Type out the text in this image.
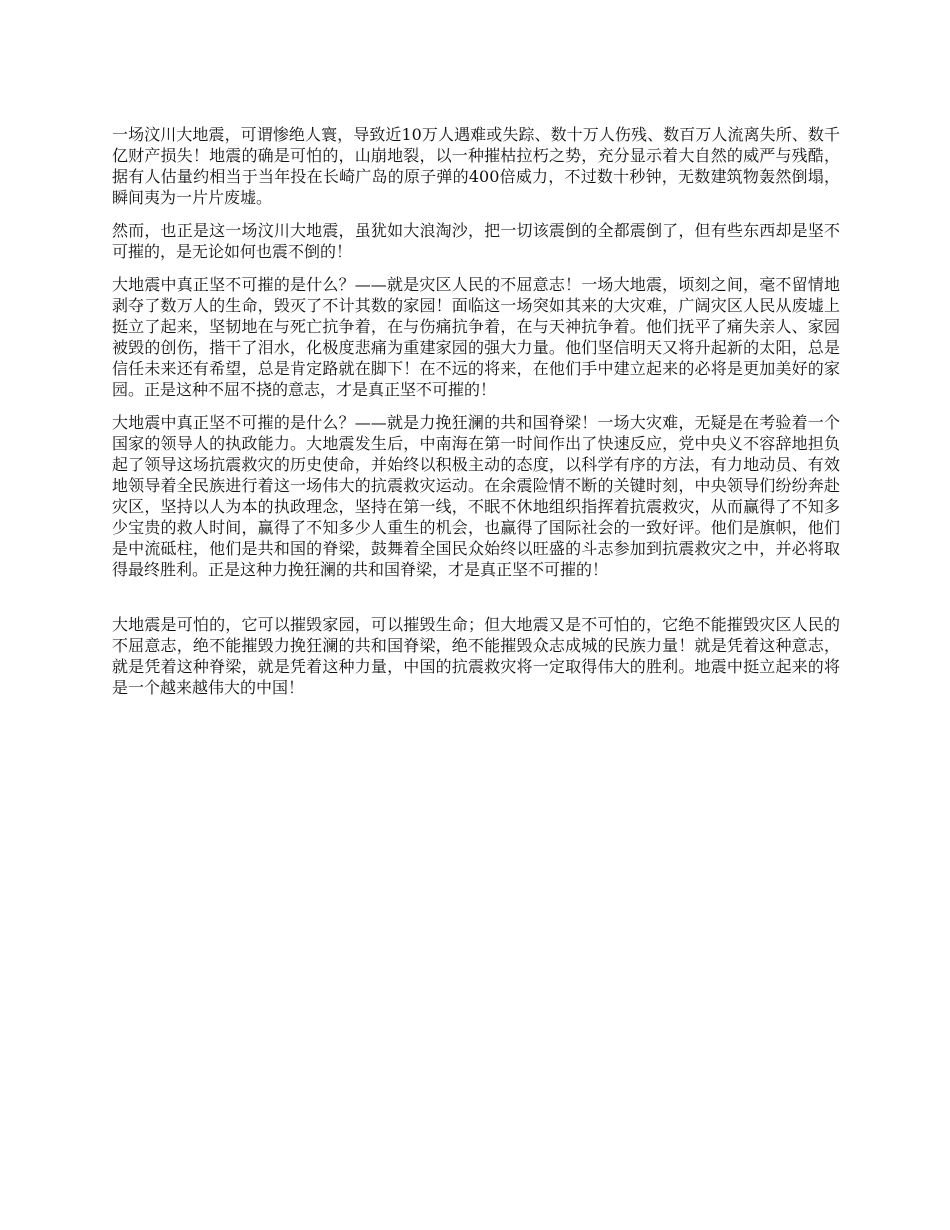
一场汶川大地震，可谓惨绝人寰，导致近10万人遇难或失踪、数十万人伤残、数百万人流离失所、数千亿财产损失！地震的确是可怕的，山崩地裂，以一种摧枯拉朽之势，充分显示着大自然的威严与残酷，据有人估量约相当于当年投在长崎广岛的原子弹的400倍威力，不过数十秒钟，无数建筑物轰然倒塌，瞬间夷为一片片废墟。

然而，也正是这一场汶川大地震，虽犹如大浪淘沙，把一切该震倒的全都震倒了，但有些东西却是坚不可摧的，是无论如何也震不倒的！

大地震中真正坚不可摧的是什么？——就是灾区人民的不屈意志！一场大地震，顷刻之间，毫不留情地剥夺了数万人的生命，毁灭了不计其数的家园！面临这一场突如其来的大灾难，广阔灾区人民从废墟上挺立了起来，坚韧地在与死亡抗争着，在与伤痛抗争着，在与天神抗争着。他们抚平了痛失亲人、家园被毁的创伤，揩干了泪水，化极度悲痛为重建家园的强大力量。他们坚信明天又将升起新的太阳，总是信任未来还有希望，总是肯定路就在脚下！在不远的将来，在他们手中建立起来的必将是更加美好的家园。正是这种不屈不挠的意志，才是真正坚不可摧的！

大地震中真正坚不可摧的是什么？——就是力挽狂澜的共和国脊梁！一场大灾难，无疑是在考验着一个国家的领导人的执政能力。大地震发生后，中南海在第一时间作出了快速反应，党中央义不容辞地担负起了领导这场抗震救灾的历史使命，并始终以积极主动的态度，以科学有序的方法，有力地动员、有效地领导着全民族进行着这一场伟大的抗震救灾运动。在余震险情不断的关键时刻，中央领导们纷纷奔赴灾区，坚持以人为本的执政理念，坚持在第一线，不眠不休地组织指挥着抗震救灾，从而赢得了不知多少宝贵的救人时间，赢得了不知多少人重生的机会，也赢得了国际社会的一致好评。他们是旗帜，他们是中流砥柱，他们是共和国的脊梁，鼓舞着全国民众始终以旺盛的斗志参加到抗震救灾之中，并必将取得最终胜利。正是这种力挽狂澜的共和国脊梁，才是真正坚不可摧的！

大地震是可怕的，它可以摧毁家园，可以摧毁生命；但大地震又是不可怕的，它绝不能摧毁灾区人民的不屈意志，绝不能摧毁力挽狂澜的共和国脊梁，绝不能摧毁众志成城的民族力量！就是凭着这种意志，就是凭着这种脊梁，就是凭着这种力量，中国的抗震救灾将一定取得伟大的胜利。地震中挺立起来的将是一个越来越伟大的中国！
